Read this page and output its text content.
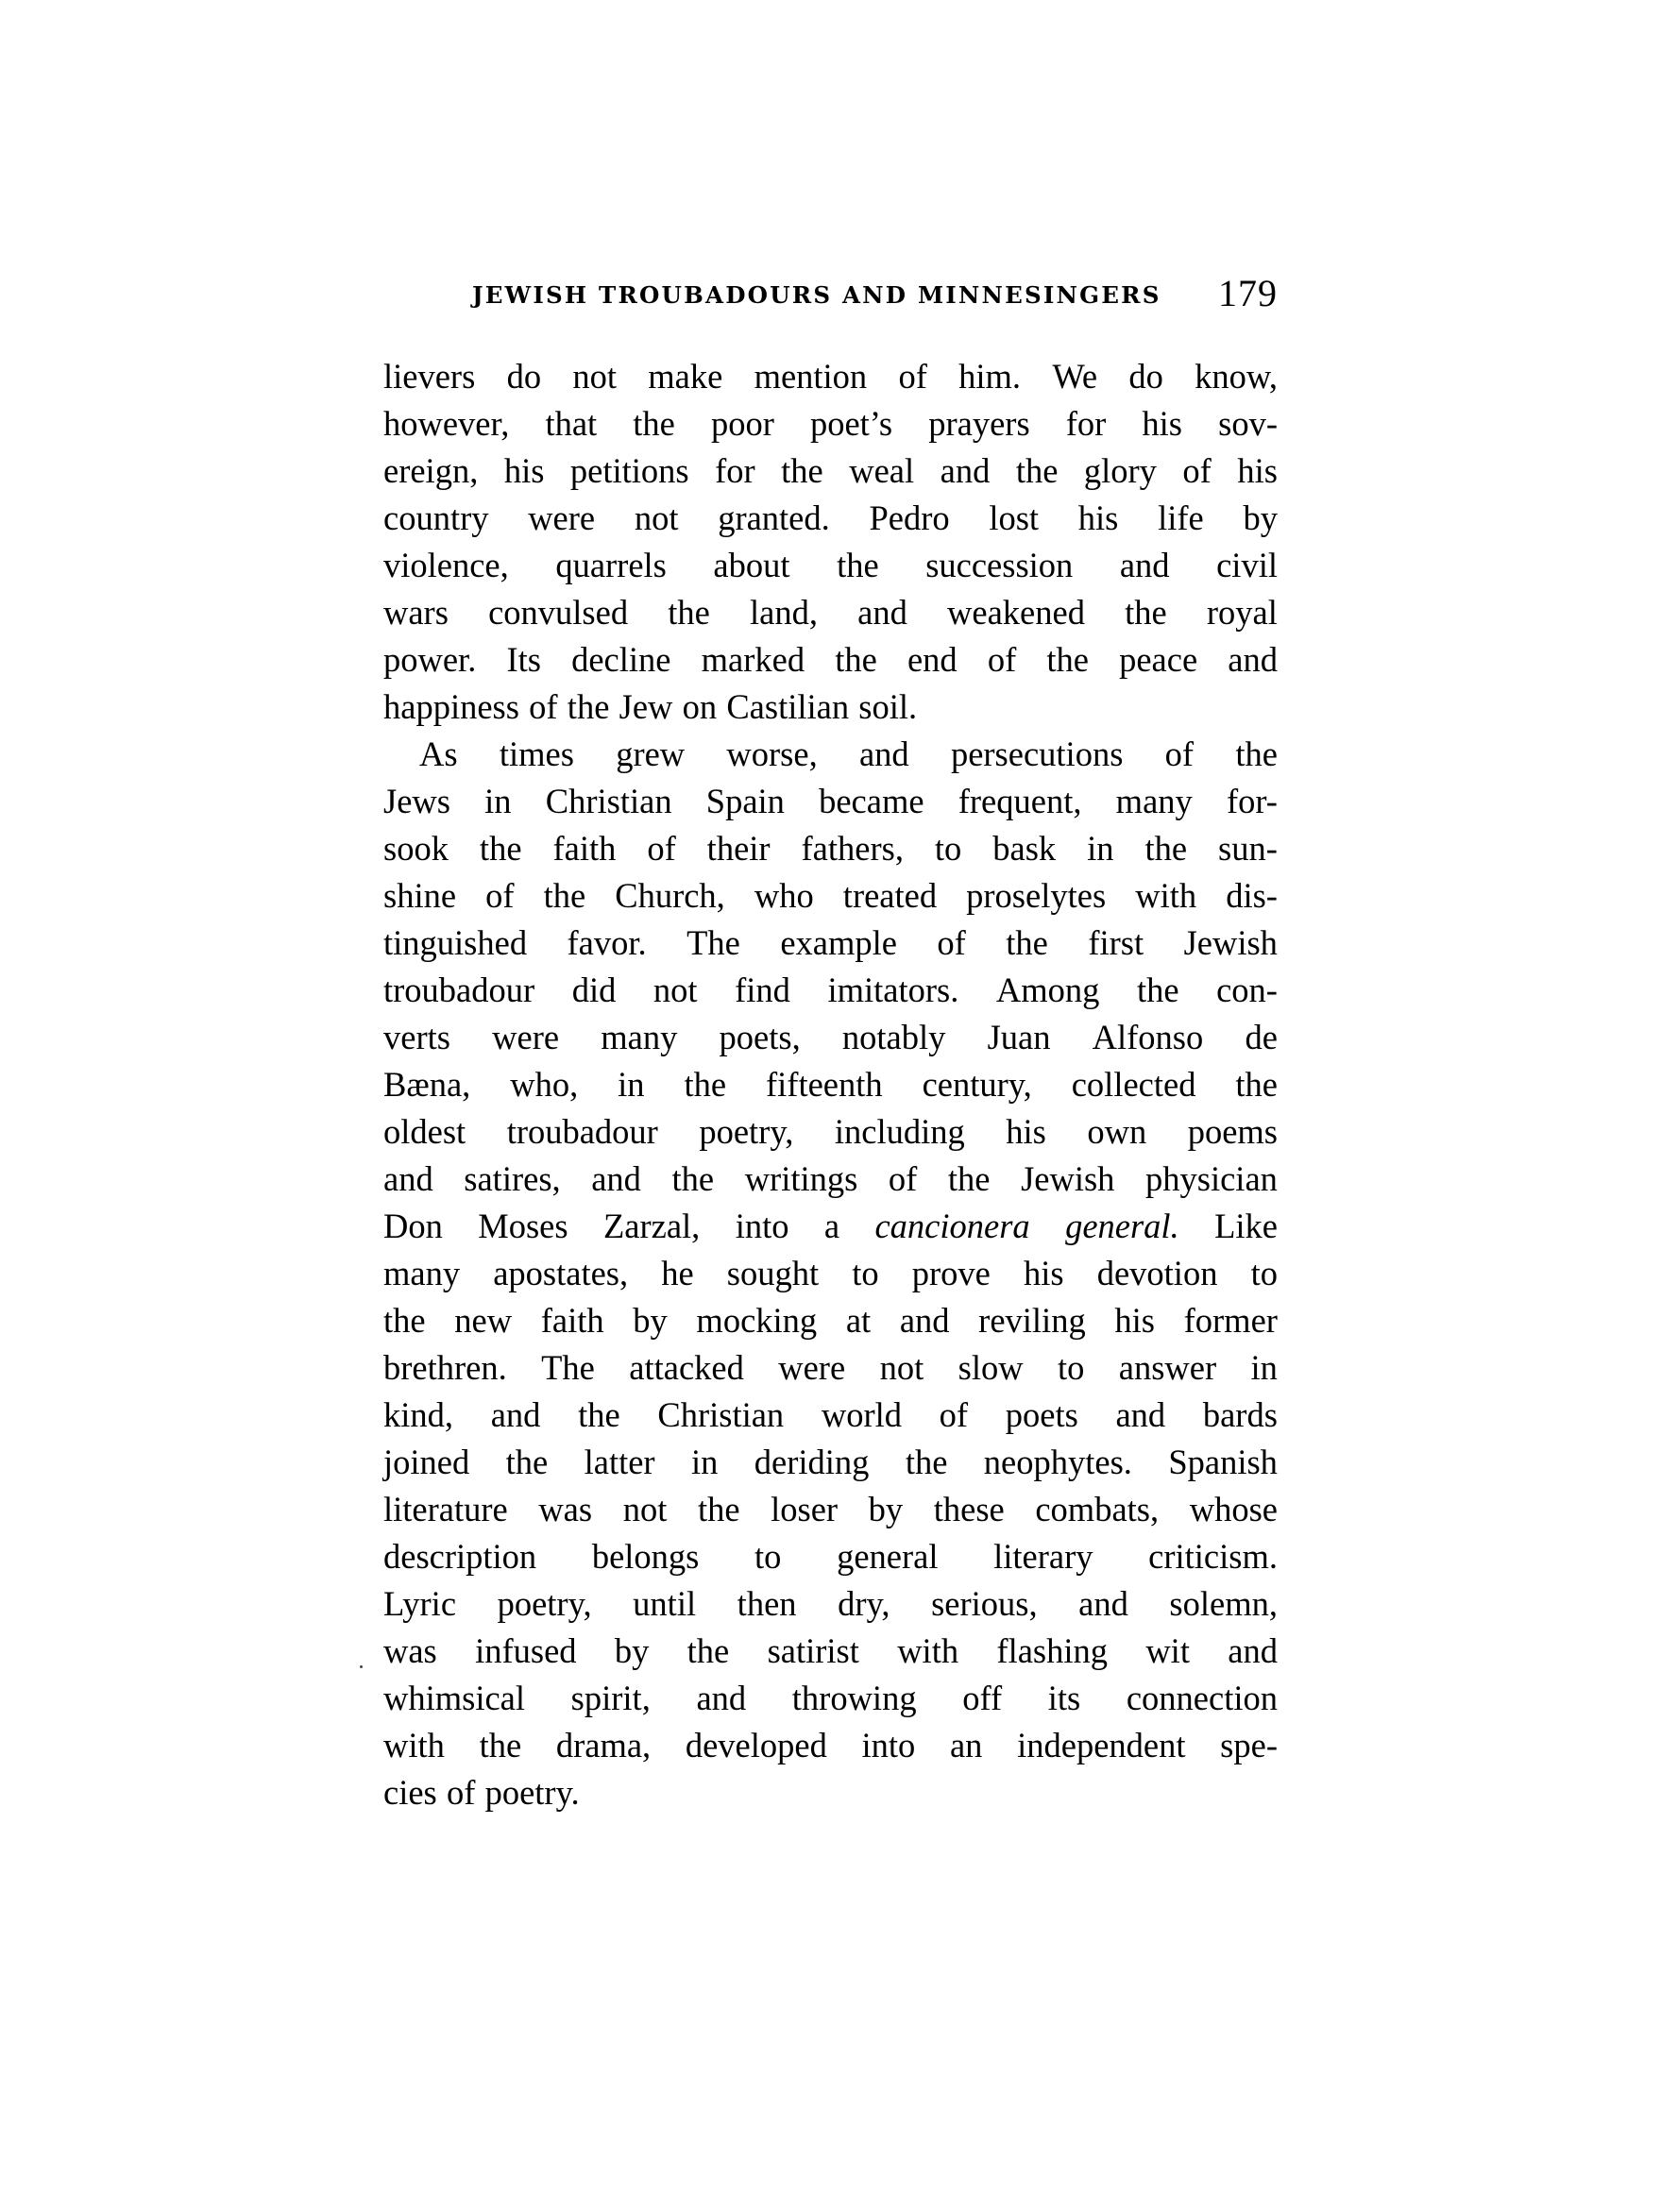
JEWISH TROUBADOURS AND MINNESINGERS 179
lievers do not make mention of him. We do know,
however, that the poor poet’s prayers for his sov-
ereign, his petitions for the weal and the glory of his
country were not granted. Pedro lost his life by
violence, quarrels about the succession and civil
wars convulsed the land, and weakened the royal
power. Its decline marked the end of the peace and
happiness of the Jew on Castilian soil.
As times grew worse, and persecutions of the
Jews in Christian Spain became frequent, many for-
sook the faith of their fathers, to bask in the sun-
shine of the Church, who treated proselytes with dis-
tinguished favor. The example of the first Jewish
troubadour did not find imitators. Among the con-
verts were many poets, notably Juan Alfonso de
Bæna, who, in the fifteenth century, collected the
oldest troubadour poetry, including his own poems
and satires, and the writings of the Jewish physician
Don Moses Zarzal, into a cancionera general. Like
many apostates, he sought to prove his devotion to
the new faith by mocking at and reviling his former
brethren. The attacked were not slow to answer in
kind, and the Christian world of poets and bards
joined the latter in deriding the neophytes. Spanish
literature was not the loser by these combats, whose
description belongs to general literary criticism.
Lyric poetry, until then dry, serious, and solemn,
was infused by the satirist with flashing wit and
whimsical spirit, and throwing off its connection
with the drama, developed into an independent spe-
cies of poetry.
